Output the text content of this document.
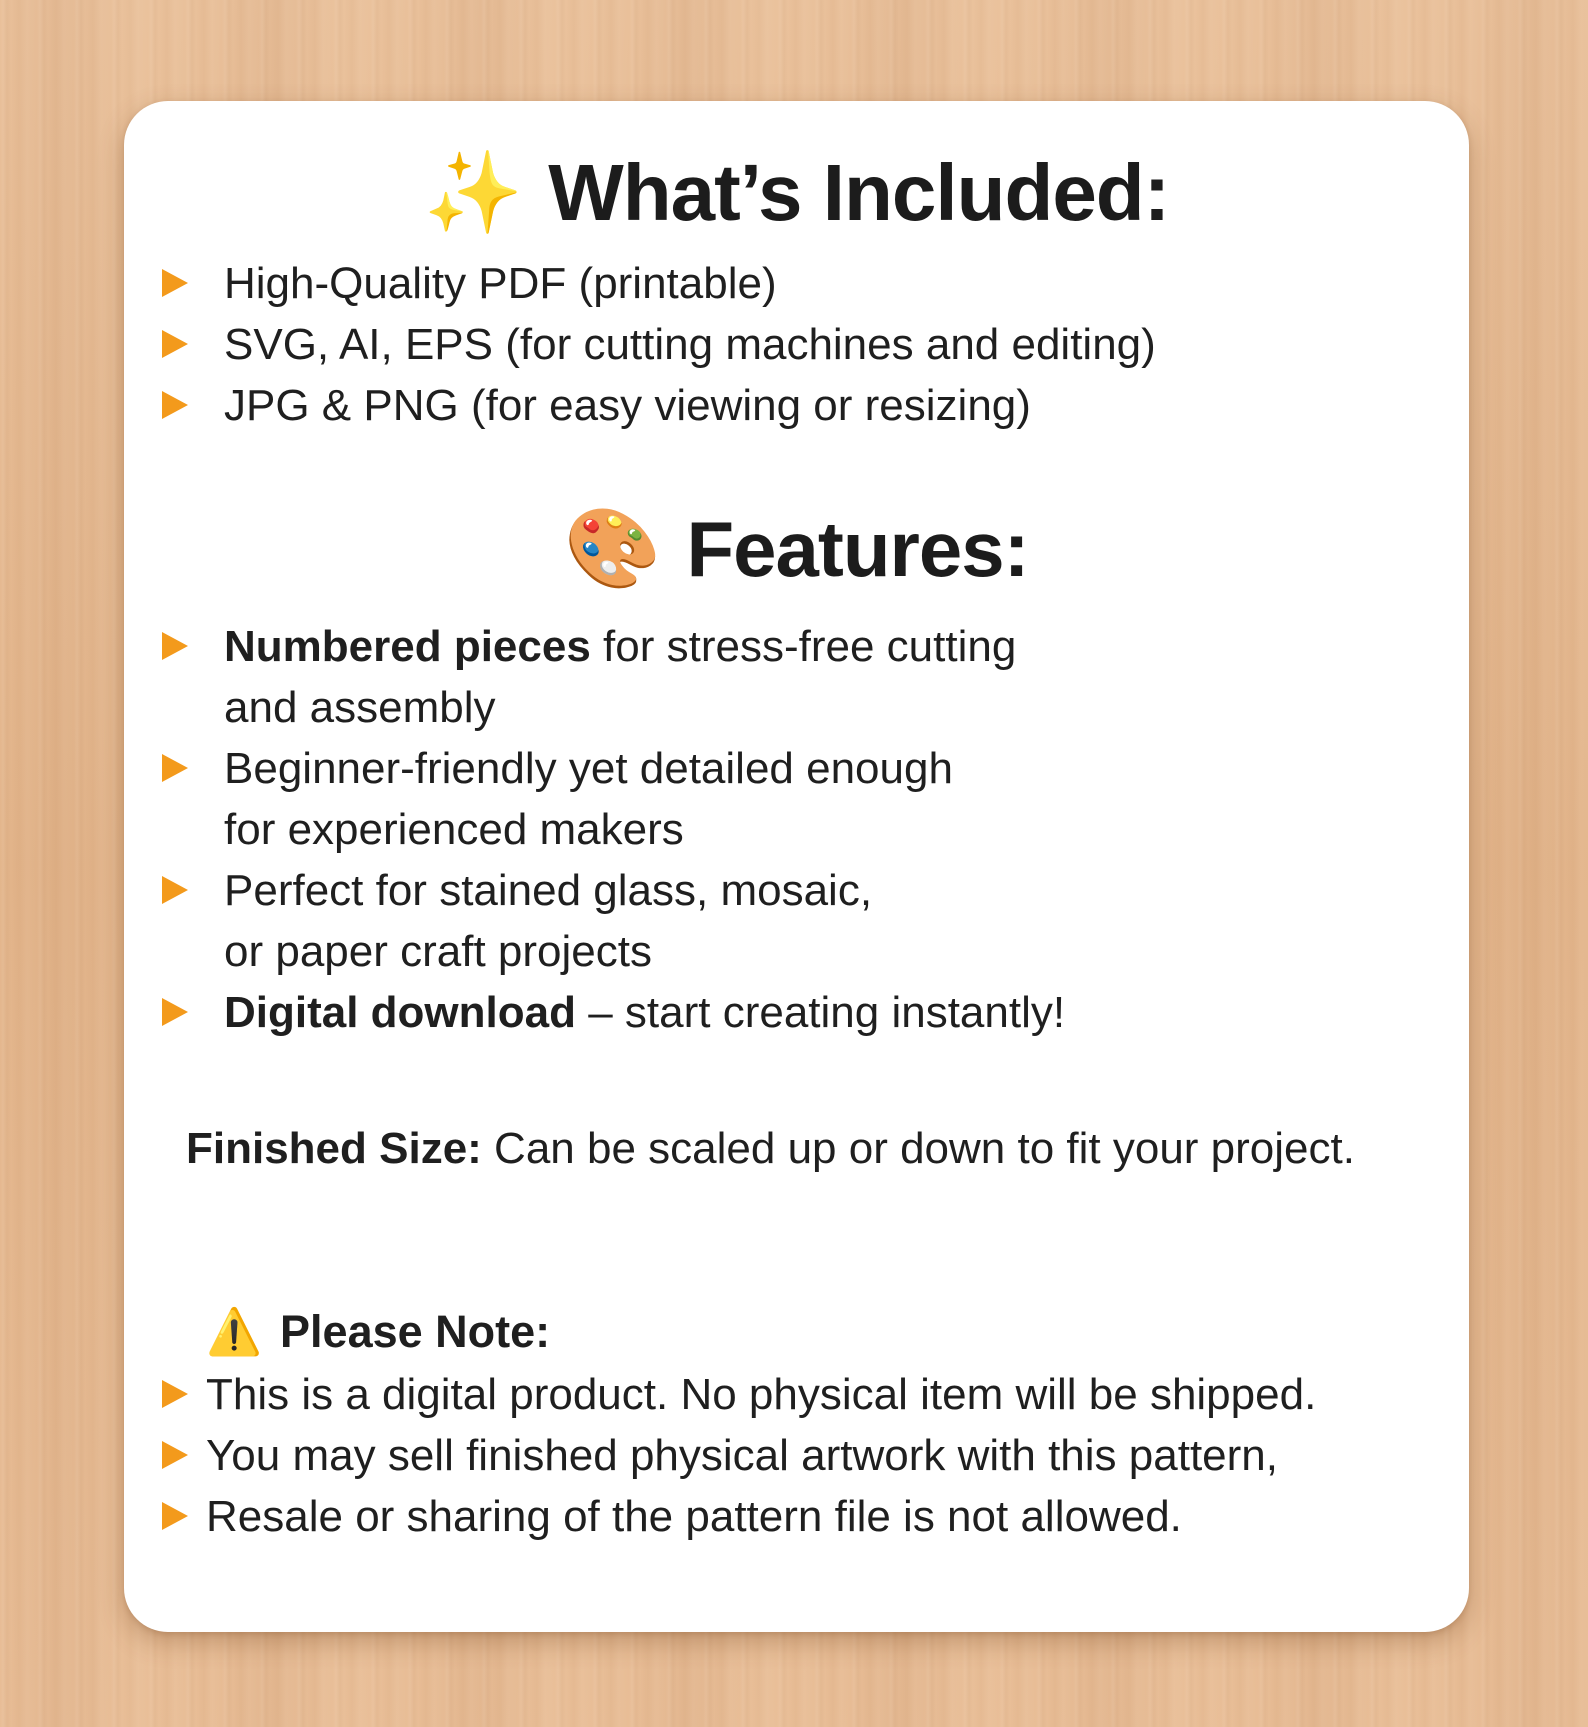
✨ What’s Included:
High-Quality PDF (printable)
SVG, AI, EPS (for cutting machines and editing)
JPG & PNG (for easy viewing or resizing)
🎨 Features:
Numbered pieces for stress-free cutting
and assembly
Beginner-friendly yet detailed enough
for experienced makers
Perfect for stained glass, mosaic,
or paper craft projects
Digital download – start creating instantly!
Finished Size: Can be scaled up or down to fit your project.
⚠️ Please Note:
This is a digital product. No physical item will be shipped.
You may sell finished physical artwork with this pattern,
Resale or sharing of the pattern file is not allowed.
